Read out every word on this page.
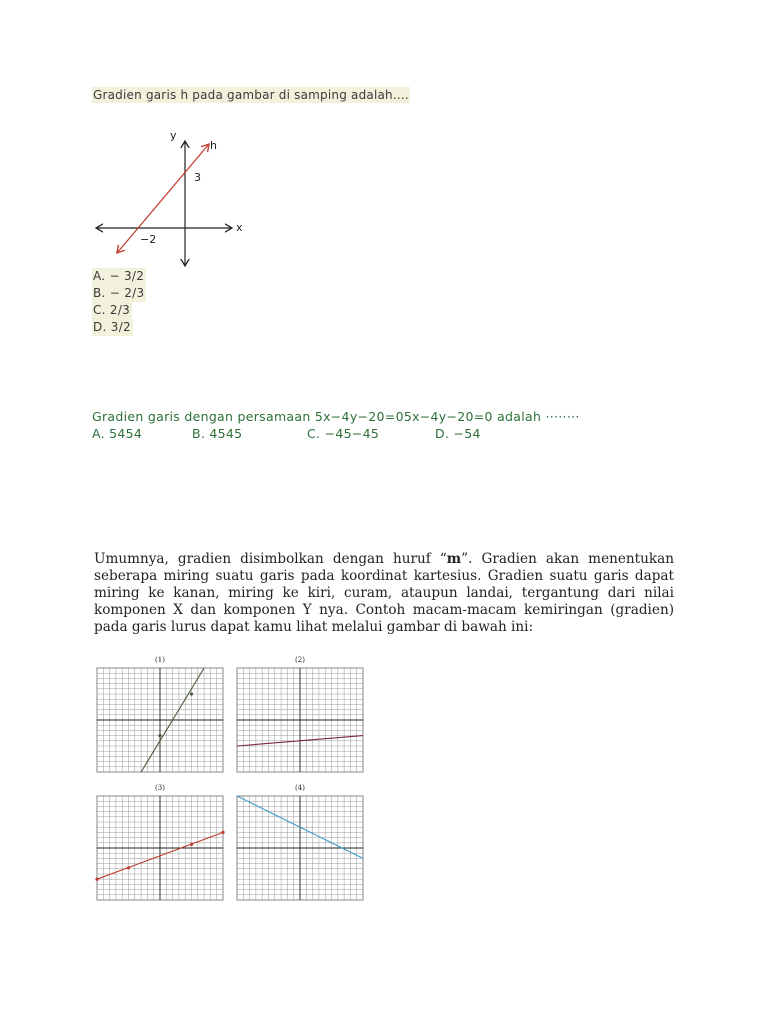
Gradien garis h pada gambar di samping adalah....
y
h
x
3
−2
A. − 3/2
B. − 2/3
C. 2/3
D. 3/2
Gradien garis dengan persamaan 5x−4y−20=05x−4y−20=0 adalah ········
A. 5454	B. 4545	C. −45−45	D. −54
Umumnya, gradien disimbolkan dengan huruf “m”. Gradien akan menentukan seberapa miring suatu garis pada koordinat kartesius. Gradien suatu garis dapat miring ke kanan, miring ke kiri, curam, ataupun landai, tergantung dari nilai komponen X dan komponen Y nya. Contoh macam-macam kemiringan (gradien) pada garis lurus dapat kamu lihat melalui gambar di bawah ini:
(1)	(2)
(3)	(4)
